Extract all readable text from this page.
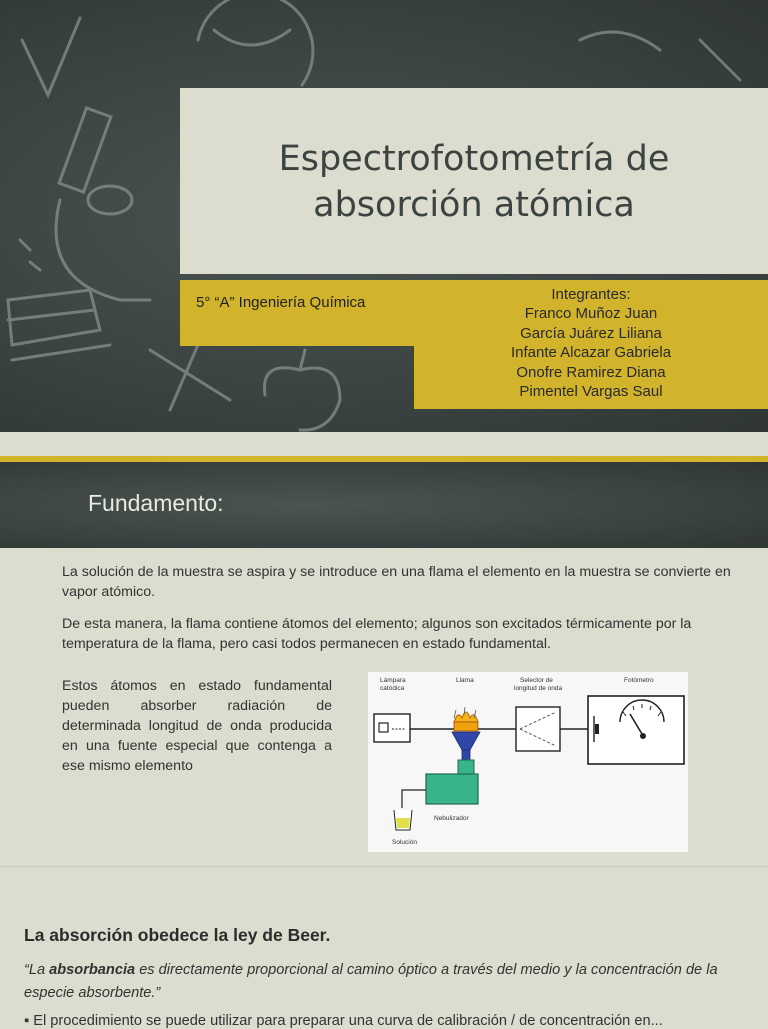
Espectrofotometría de absorción atómica
5° “A” Ingeniería Química	Integrantes:
Franco Muñoz Juan
García Juárez Liliana
Infante Alcazar Gabriela
Onofre Ramirez Diana
Pimentel Vargas Saul
Fundamento:

La solución de la muestra se aspira y se introduce en una flama el elemento en la muestra se convierte en vapor atómico.

De esta manera, la flama contiene átomos del elemento; algunos son excitados térmicamente por la temperatura de la flama, pero casi todos permanecen en estado fundamental.

Estos átomos en estado fundamental pueden absorber radiación de determinada longitud de onda producida en una fuente especial que contenga a ese mismo elemento

Lámpara
catódica
Llama	Selector de
longitud de onda
Fotómetro
Nebulizador
Solución
La absorción obedece la ley de Beer.

“La absorbancia es directamente proporcional al camino óptico a través del medio y la concentración de la especie absorbente.”

▪ El procedimiento se puede utilizar para preparar una curva de calibración / de concentración en...
